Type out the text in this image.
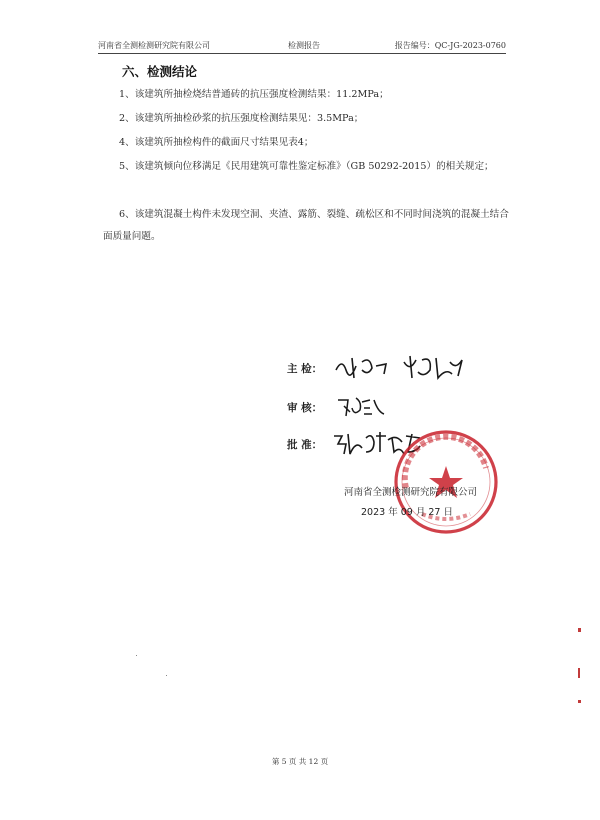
河南省全测检测研究院有限公司	检测报告	报告编号：QC-JG-2023-0760
六、检测结论
1、该建筑所抽检烧结普通砖的抗压强度检测结果：11.2MPa；
2、该建筑所抽检砂浆的抗压强度检测结果见：3.5MPa；
4、该建筑所抽检构件的截面尺寸结果见表4；
5、该建筑倾向位移满足《民用建筑可靠性鉴定标准》（GB 50292-2015）的相关规定；
6、该建筑混凝土构件未发现空洞、夹渣、露筋、裂缝、疏松区和不同时间浇筑的混凝土结合面质量问题。
主 检：
审 核：
批 准：
河南省全测检测研究院有限公司
2023 年 09 月 27 日
第 5 页 共 12 页
